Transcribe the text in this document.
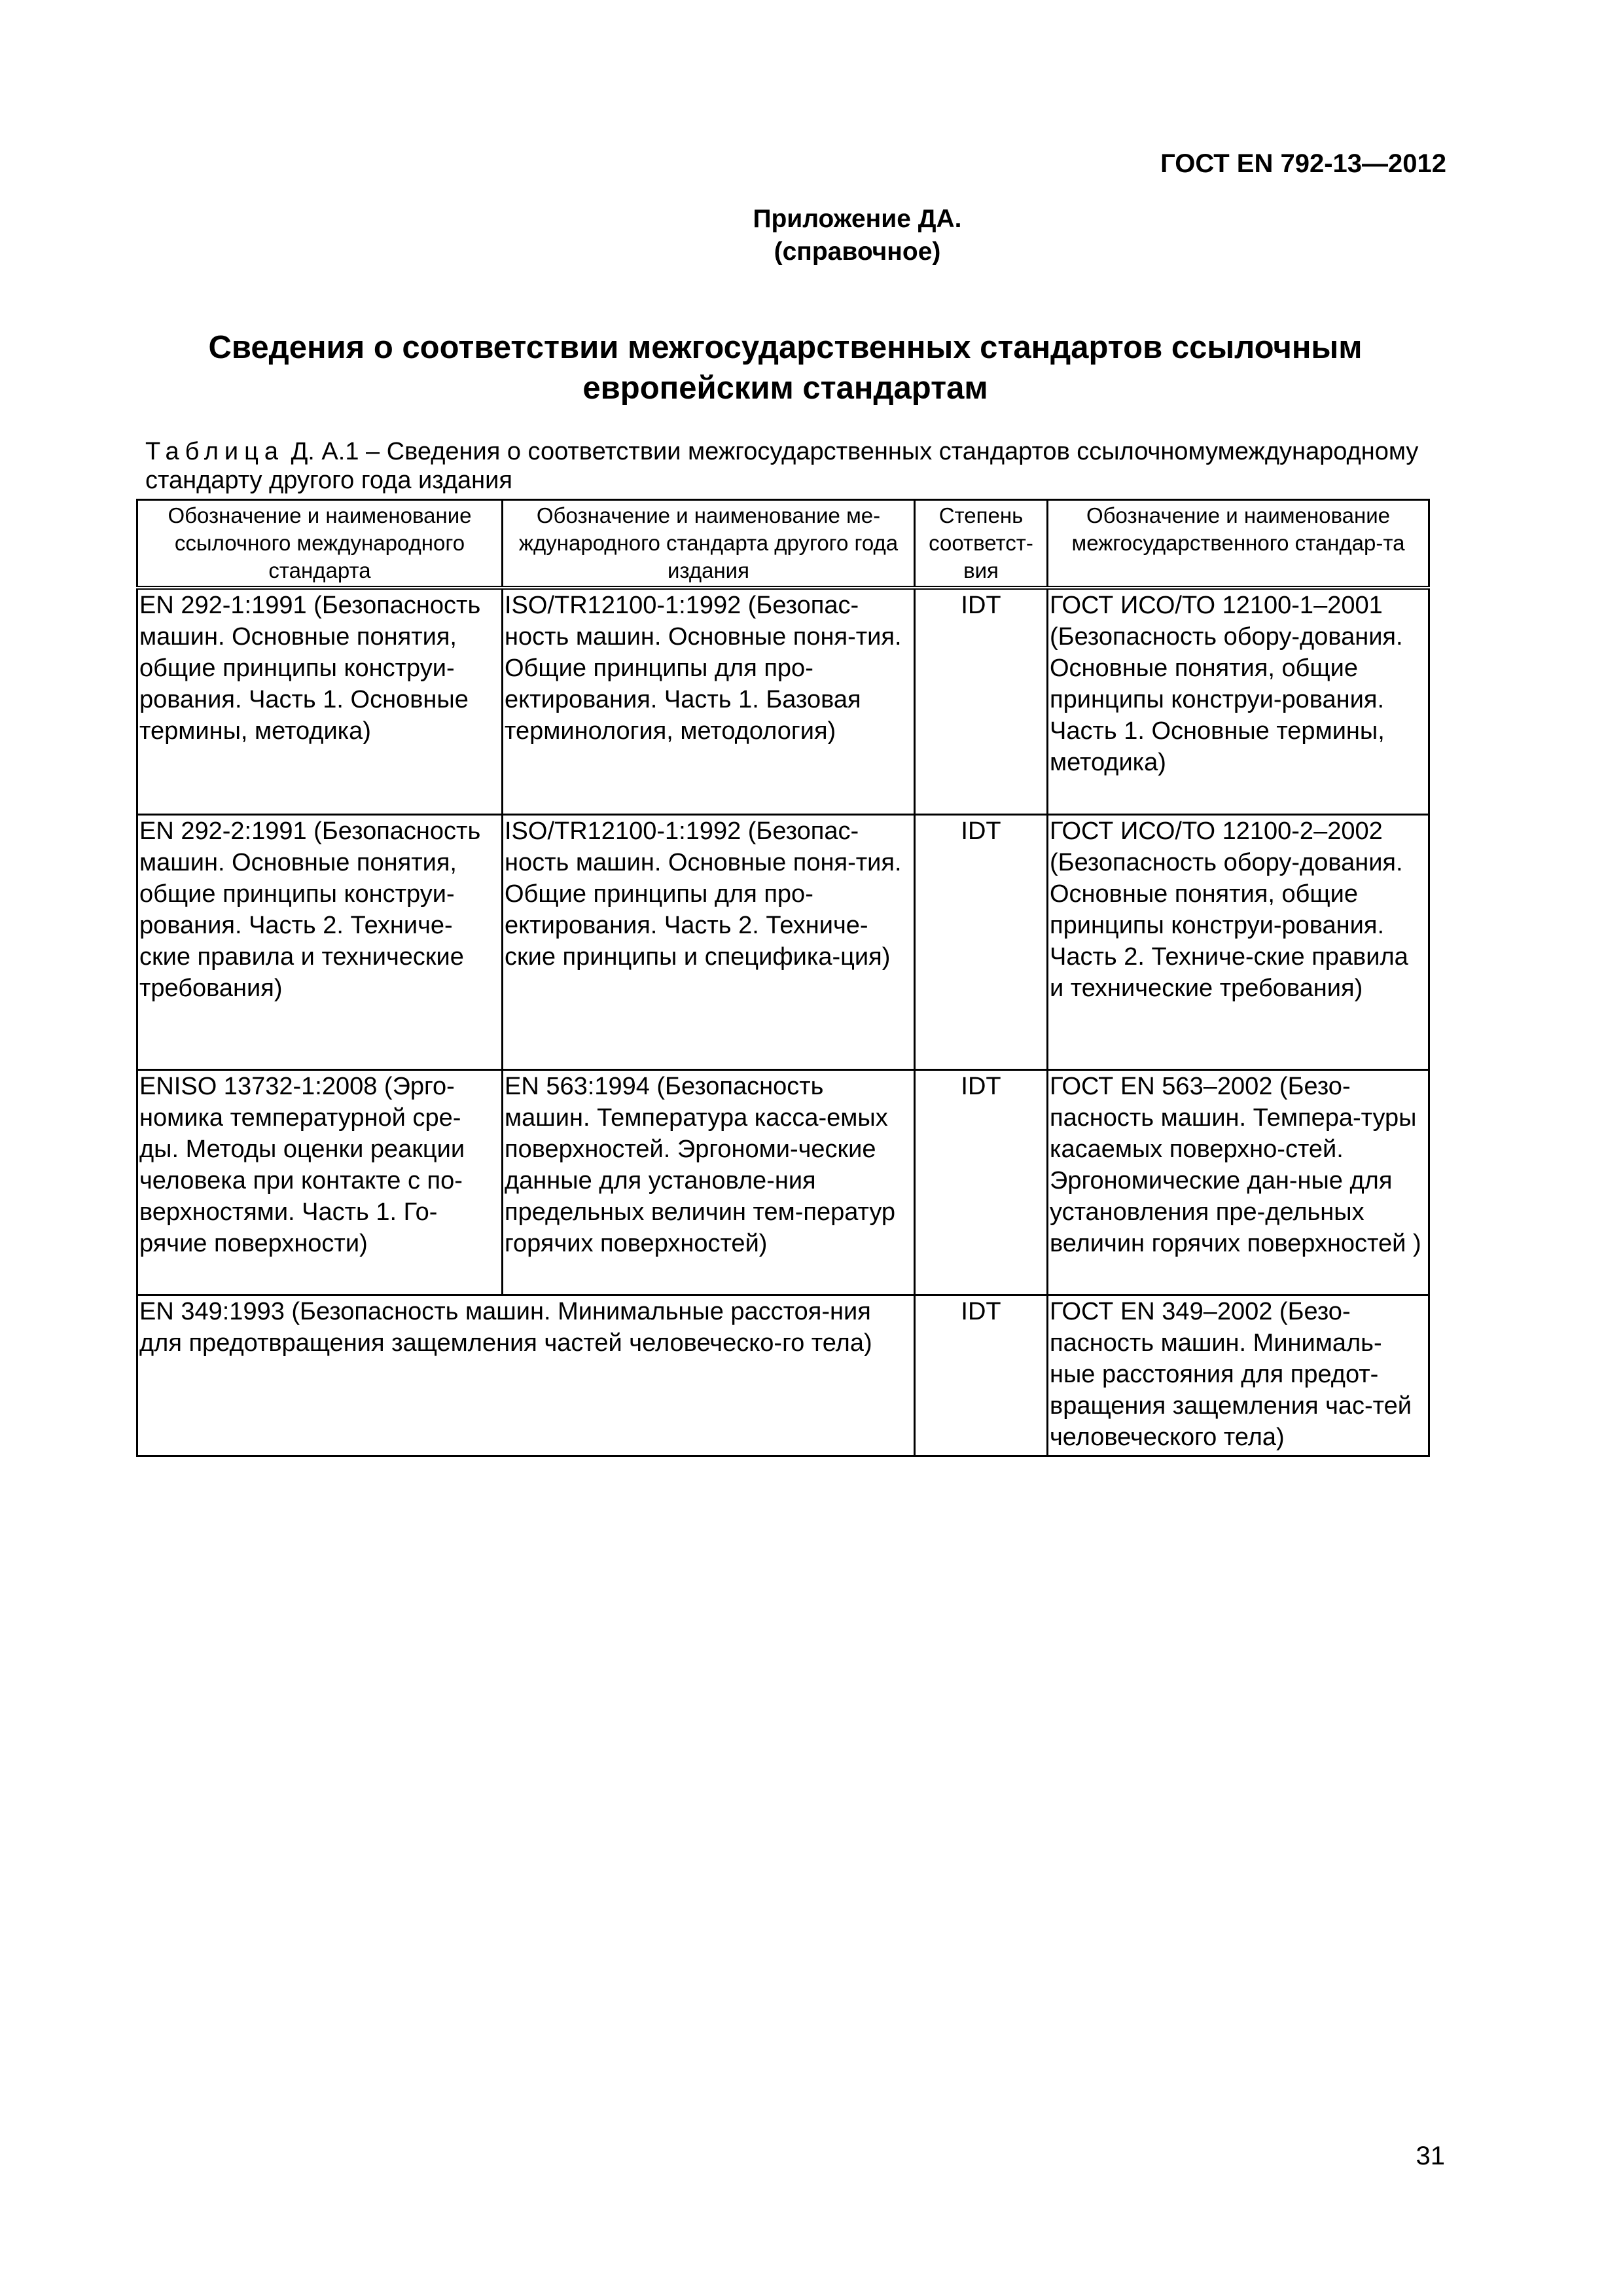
ГОСТ EN 792-13—2012
Приложение ДА.
(справочное)
Сведения о соответствии межгосударственных стандартов ссылочным европейским стандартам
Таблица Д. А.1 – Сведения о соответствии межгосударственных стандартов ссылочномумеждународному стандарту другого года издания
Обозначение и наименование ссылочного международного стандарта	Обозначение и наименование ме-ждународного стандарта другого года издания	Степень соответст-вия	Обозначение и наименование межгосударственного стандар-та
EN 292-1:1991 (Безопасность машин. Основные понятия, общие принципы конструи-рования. Часть 1. Основные термины, методика)	ISO/TR12100-1:1992 (Безопас-ность машин. Основные поня-тия. Общие принципы для про-ектирования. Часть 1. Базовая терминология, методология)	IDT	ГОСТ ИСО/ТО 12100-1–2001 (Безопасность обору-дования. Основные понятия, общие принципы конструи-рования. Часть 1. Основные термины, методика)
EN 292-2:1991 (Безопасность машин. Основные понятия, общие принципы конструи-рования. Часть 2. Техниче-ские правила и технические требования)	ISO/TR12100-1:1992 (Безопас-ность машин. Основные поня-тия. Общие принципы для про-ектирования. Часть 2. Техниче-ские принципы и специфика-ция)	IDT	ГОСТ ИСО/ТО 12100-2–2002 (Безопасность обору-дования. Основные понятия, общие принципы конструи-рования. Часть 2. Техниче-ские правила и технические требования)
ENISO 13732-1:2008 (Эрго-номика температурной сре-ды. Методы оценки реакции человека при контакте с по-верхностями. Часть 1. Го-рячие поверхности)	EN 563:1994 (Безопасность машин. Температура касса-емых поверхностей. Эргономи-ческие данные для установле-ния предельных величин тем-ператур горячих поверхностей)	IDT	ГОСТ EN 563–2002 (Безо-пасность машин. Темпера-туры касаемых поверхно-стей. Эргономические дан-ные для установления пре-дельных величин горячих поверхностей )
EN 349:1993 (Безопасность машин. Минимальные расстоя-ния для предотвращения защемления частей человеческо-го тела)		IDT	ГОСТ EN 349–2002 (Безо-пасность машин. Минималь-ные расстояния для предот-вращения защемления час-тей человеческого тела)
31
